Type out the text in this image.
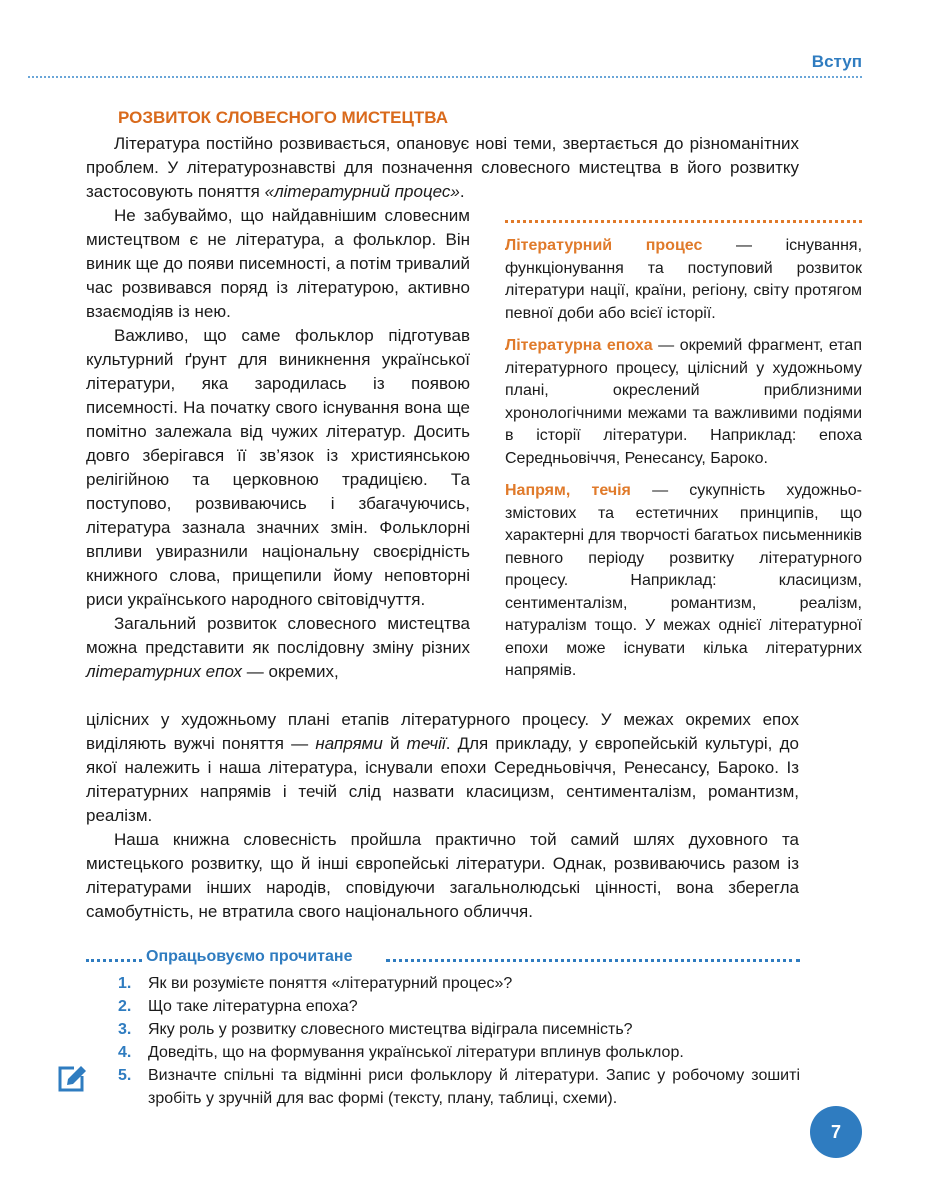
Вступ
РОЗВИТОК СЛОВЕСНОГО МИСТЕЦТВА

Література постійно розвивається, опановує нові теми, звертається до різноманітних проблем. У літературознавстві для позначення словесного мистецтва в його розвитку застосовують поняття «літературний процес».

Не забуваймо, що найдавнішим словесним мистецтвом є не література, а фольклор. Він виник ще до появи писемності, а потім тривалий час розвивався поряд із літературою, активно взаємодіяв із нею.

Важливо, що саме фольклор підготував культурний ґрунт для виникнення української літератури, яка зародилась із появою писемності. На початку свого існування вона ще помітно залежала від чужих літератур. Досить довго зберігався її зв’язок із християнською релігійною та церковною традицією. Та поступово, розвиваючись і збагачуючись, література зазнала значних змін. Фольклорні впливи увиразнили національну своєрідність книжного слова, прищепили йому неповторні риси українського народного світовідчуття.

Загальний розвиток словесного мистецтва можна представити як послідовну зміну різних літературних епох — окремих,

цілісних у художньому плані етапів літературного процесу. У межах окремих епох виділяють вужчі поняття — напрями й течії. Для прикладу, у європейській культурі, до якої належить і наша література, існували епохи Середньовіччя, Ренесансу, Бароко. Із літературних напрямів і течій слід назвати класицизм, сентименталізм, романтизм, реалізм.

Наша книжна словесність пройшла практично той самий шлях духовного та мистецького розвитку, що й інші європейські літератури. Однак, розвиваючись разом із літературами інших народів, сповідуючи загальнолюдські цінності, вона зберегла самобутність, не втратила свого національного обличчя.

Літературний процес — існування, функціонування та поступовий розвиток літератури нації, країни, регіону, світу протягом певної доби або всієї історії.

Літературна епоха — окремий фрагмент, етап літературного процесу, цілісний у художньому плані, окреслений приблизними хронологічними межами та важливими подіями в історії літератури. Наприклад: епоха Середньовіччя, Ренесансу, Бароко.

Напрям, течія — сукупність художньо-змістових та естетичних принципів, що характерні для творчості багатьох письменників певного періоду розвитку літературного процесу. Наприклад: класицизм, сентименталізм, романтизм, реалізм, натуралізм тощо. У межах однієї літературної епохи може існувати кілька літературних напрямів.

Опрацьовуємо прочитане
1. Як ви розумієте поняття «літературний процес»?
2. Що таке літературна епоха?
3. Яку роль у розвитку словесного мистецтва відіграла писемність?
4. Доведіть, що на формування української літератури вплинув фольклор.
5. Визначте спільні та відмінні риси фольклору й літератури. Запис у робочому зошиті зробіть у зручній для вас формі (тексту, плану, таблиці, схеми).
7
